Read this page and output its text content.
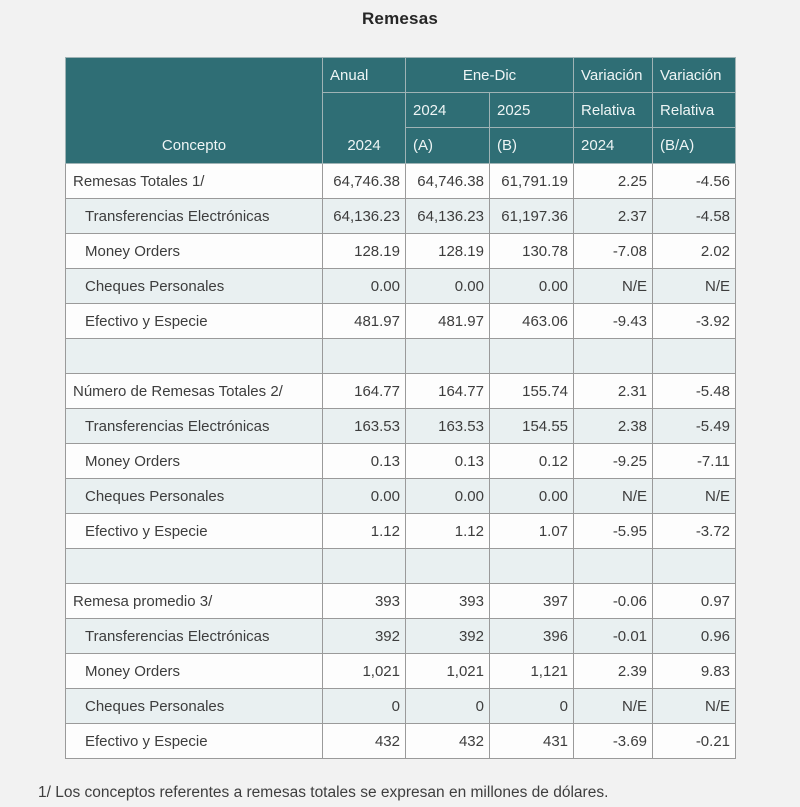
Remesas
Concepto	Anual	Ene-Dic		Variación	Variación
	2024	2024	2025	Relativa	Relativa
		(A)	(B)	2024	(B/A)
Remesas Totales 1/	64,746.38	64,746.38	61,791.19	2.25	-4.56
Transferencias Electrónicas	64,136.23	64,136.23	61,197.36	2.37	-4.58
Money Orders	128.19	128.19	130.78	-7.08	2.02
Cheques Personales	0.00	0.00	0.00	N/E	N/E
Efectivo y Especie	481.97	481.97	463.06	-9.43	-3.92

Número de Remesas Totales 2/	164.77	164.77	155.74	2.31	-5.48
Transferencias Electrónicas	163.53	163.53	154.55	2.38	-5.49
Money Orders	0.13	0.13	0.12	-9.25	-7.11
Cheques Personales	0.00	0.00	0.00	N/E	N/E
Efectivo y Especie	1.12	1.12	1.07	-5.95	-3.72

Remesa promedio 3/	393	393	397	-0.06	0.97
Transferencias Electrónicas	392	392	396	-0.01	0.96
Money Orders	1,021	1,021	1,121	2.39	9.83
Cheques Personales	0	0	0	N/E	N/E
Efectivo y Especie	432	432	431	-3.69	-0.21
1/ Los conceptos referentes a remesas totales se expresan en millones de dólares.
